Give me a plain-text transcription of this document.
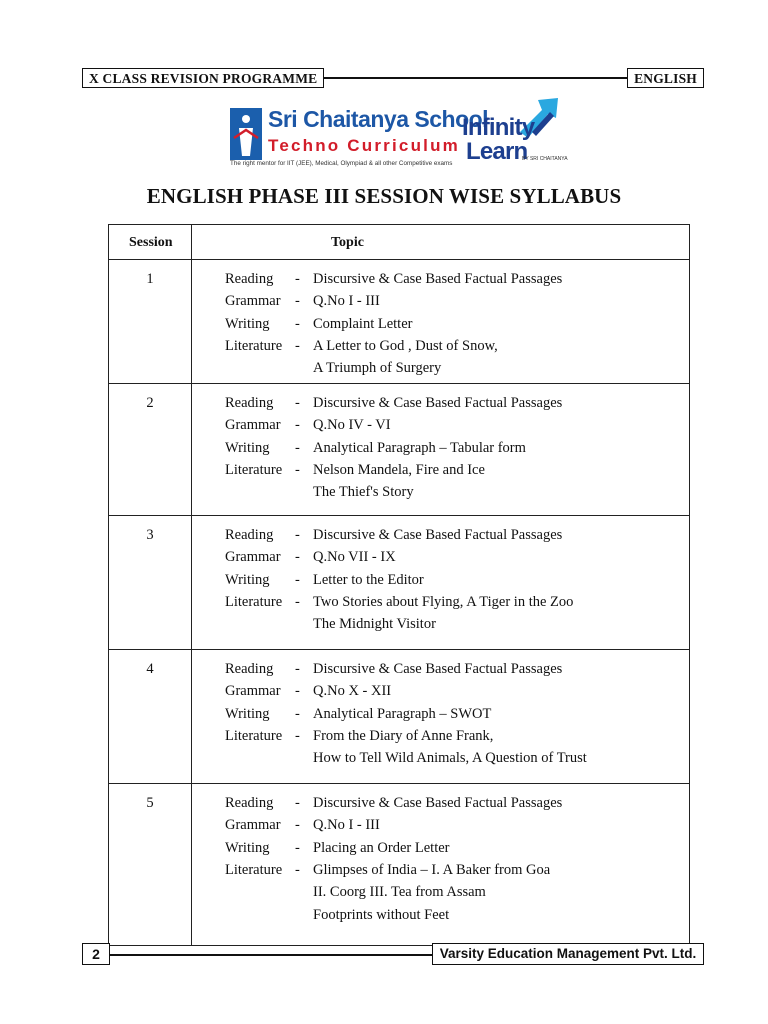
X CLASS REVISION PROGRAMME	ENGLISH
Sri Chaitanya School
Techno Curriculum
The right mentor for IIT (JEE), Medical, Olympiad & all other Competitive exams
Infinity
Learn
BY SRI CHAITANYA
ENGLISH PHASE III SESSION WISE SYLLABUS
Session	Topic
1	Reading - Discursive & Case Based Factual Passages
Grammar - Q.No I - III
Writing - Complaint Letter
Literature - A Letter to God , Dust of Snow,
A Triumph of Surgery
2	Reading - Discursive & Case Based Factual Passages
Grammar - Q.No IV - VI
Writing - Analytical Paragraph – Tabular form
Literature - Nelson Mandela, Fire and Ice
The Thief's Story
3	Reading - Discursive & Case Based Factual Passages
Grammar - Q.No VII - IX
Writing - Letter to the Editor
Literature - Two Stories about Flying, A Tiger in the Zoo
The Midnight Visitor
4	Reading - Discursive & Case Based Factual Passages
Grammar - Q.No X - XII
Writing - Analytical Paragraph – SWOT
Literature - From the Diary of Anne Frank,
How to Tell Wild Animals, A Question of Trust
5	Reading - Discursive & Case Based Factual Passages
Grammar - Q.No I - III
Writing - Placing an Order Letter
Literature - Glimpses of India – I. A Baker from Goa
II. Coorg III. Tea from Assam
Footprints without Feet
2	Varsity Education Management Pvt. Ltd.
